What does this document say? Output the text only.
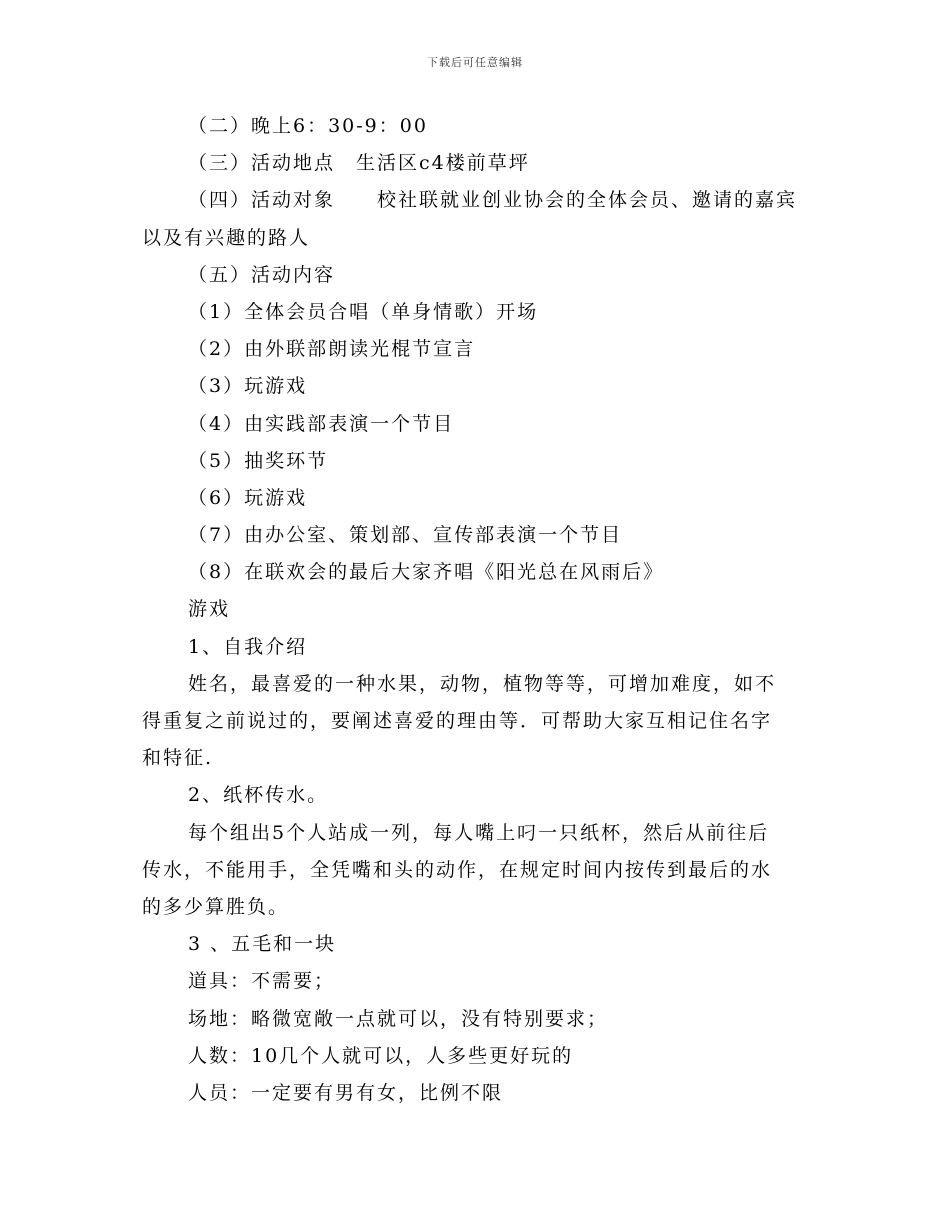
下载后可任意编辑
（二）晚上6：30-9：00
（三）活动地点　生活区c4楼前草坪
（四）活动对象　　校社联就业创业协会的全体会员、邀请的嘉宾
以及有兴趣的路人
（五）活动内容
（1）全体会员合唱（单身情歌）开场
（2）由外联部朗读光棍节宣言
（3）玩游戏
（4）由实践部表演一个节目
（5）抽奖环节
（6）玩游戏
（7）由办公室、策划部、宣传部表演一个节目
（8）在联欢会的最后大家齐唱《阳光总在风雨后》
游戏
1、自我介绍
姓名，最喜爱的一种水果，动物，植物等等，可增加难度，如不
得重复之前说过的，要阐述喜爱的理由等．可帮助大家互相记住名字
和特征.
2、纸杯传水。
每个组出5个人站成一列，每人嘴上叼一只纸杯，然后从前往后
传水，不能用手，全凭嘴和头的动作，在规定时间内按传到最后的水
的多少算胜负。
3 、五毛和一块
道具：不需要；
场地：略微宽敞一点就可以，没有特别要求；
人数：10几个人就可以，人多些更好玩的
人员：一定要有男有女，比例不限
